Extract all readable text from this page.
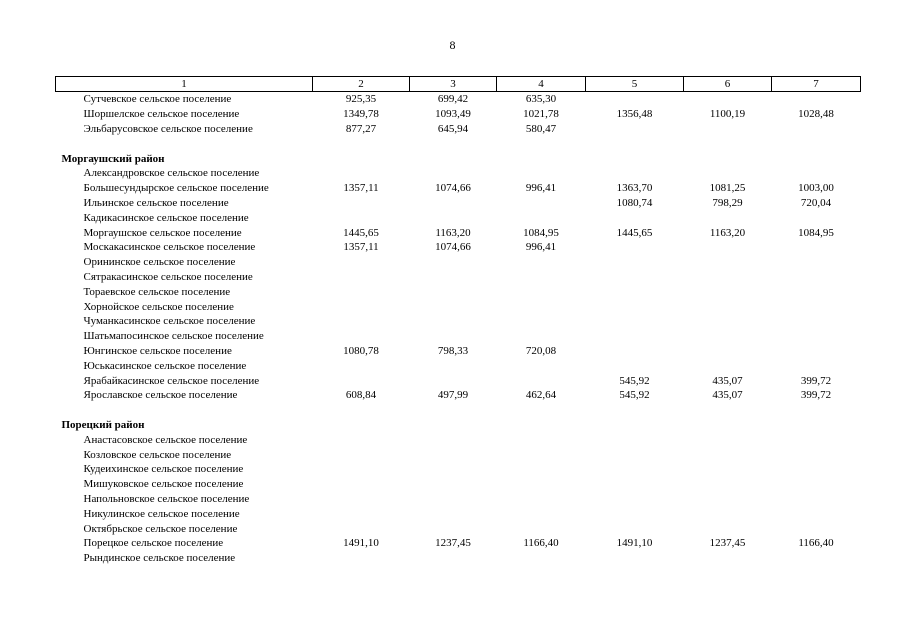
8
1	2	3	4	5	6	7
Сутчевское сельское поселение	925,35	699,42	635,30			
Шоршелское сельское поселение	1349,78	1093,49	1021,78	1356,48	1100,19	1028,48
Эльбарусовское сельское поселение	877,27	645,94	580,47			

Моргаушский район						
Александровское сельское поселение						
Большесундырское сельское поселение	1357,11	1074,66	996,41	1363,70	1081,25	1003,00
Ильинское сельское поселение				1080,74	798,29	720,04
Кадикасинское сельское поселение						
Моргаушское сельское поселение	1445,65	1163,20	1084,95	1445,65	1163,20	1084,95
Москакасинское сельское поселение	1357,11	1074,66	996,41			
Орининское сельское поселение						
Сятракасинское сельское поселение						
Тораевское сельское поселение						
Хорнойское сельское поселение						
Чуманкасинское сельское поселение						
Шатьмапосинское сельское поселение						
Юнгинское сельское поселение	1080,78	798,33	720,08			
Юськасинское сельское поселение						
Ярабайкасинское сельское поселение				545,92	435,07	399,72
Ярославское сельское поселение	608,84	497,99	462,64	545,92	435,07	399,72

Порецкий район						
Анастасовское сельское поселение						
Козловское сельское поселение						
Кудеихинское сельское поселение						
Мишуковское сельское поселение						
Напольновское сельское поселение						
Никулинское сельское поселение						
Октябрьское сельское поселение						
Порецкое сельское поселение	1491,10	1237,45	1166,40	1491,10	1237,45	1166,40
Рындинское сельское поселение						
